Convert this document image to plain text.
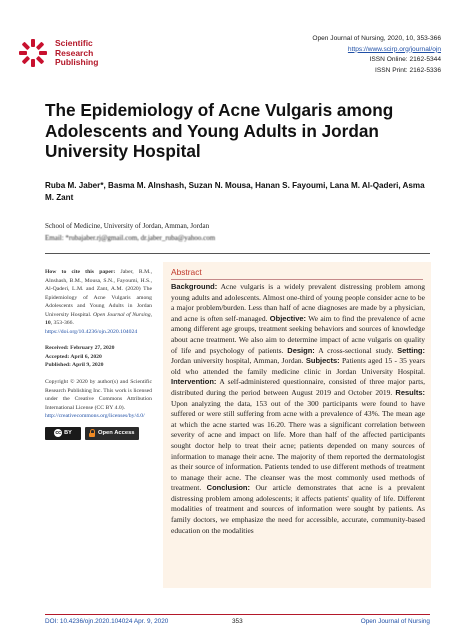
Scientific
Research
Publishing
Open Journal of Nursing, 2020, 10, 353-366
https://www.scirp.org/journal/ojn
ISSN Online: 2162-5344
ISSN Print: 2162-5336
The Epidemiology of Acne Vulgaris among Adolescents and Young Adults in Jordan University Hospital
Ruba M. Jaber*, Basma M. Alnshash, Suzan N. Mousa, Hanan S. Fayoumi, Lana M. Al-Qaderi, Asma M. Zant
School of Medicine, University of Jordan, Amman, Jordan
Email: *rubajaber.rj@gmail.com, dr.jaber_ruba@yahoo.com
How to cite this paper: Jaber, R.M., Alnshash, B.M., Mousa, S.N., Fayoumi, H.S., Al-Qaderi, L.M. and Zant, A.M. (2020) The Epidemiology of Acne Vulgaris among Adolescents and Young Adults in Jordan University Hospital. Open Journal of Nursing, 10, 353-366.
https://doi.org/10.4236/ojn.2020.104024
Received: February 27, 2020
Accepted: April 6, 2020
Published: April 9, 2020
Copyright © 2020 by author(s) and Scientific Research Publishing Inc. This work is licensed under the Creative Commons Attribution International License (CC BY 4.0).
http://creativecommons.org/licenses/by/4.0/
cc BY	Open Access
Abstract
Background: Acne vulgaris is a widely prevalent distressing problem among young adults and adolescents. Almost one-third of young people consider acne to be a major problem/burden. Less than half of acne diagnoses are made by a physician, and acne is often self-managed. Objective: We aim to find the prevalence of acne among different age groups, treatment seeking behaviors and sources of knowledge about acne treatment. We also aim to determine impact of acne vulgaris on quality of life and psychology of patients. Design: A cross-sectional study. Setting: Jordan university hospital, Amman, Jordan. Subjects: Patients aged 15 - 35 years old who attended the family medicine clinic in Jordan University Hospital. Intervention: A self-administered questionnaire, consisted of three major parts, distributed during the period between August 2019 and October 2019. Results: Upon analyzing the data, 153 out of the 300 participants were found to have suffered or were still suffering from acne with a prevalence of 43%. The mean age at which the acne started was 16.20. There was a significant correlation between severity of acne and impact on life. More than half of the affected participants sought doctor help to treat their acne; patients depended on many sources of information to manage their acne. The majority of them reported the dermatologist as their source of information. Patients tended to use different methods of treatment to manage their acne. The cleanser was the most commonly used methods of treatment. Conclusion: Our article demonstrates that acne is a prevalent distressing problem among adolescents; it affects patients' quality of life. Different modalities of treatment and sources of information were sought by patients. As family doctors, we emphasize the need for accessible, accurate, community-based education on the modalities
DOI: 10.4236/ojn.2020.104024 Apr. 9, 2020	353	Open Journal of Nursing
